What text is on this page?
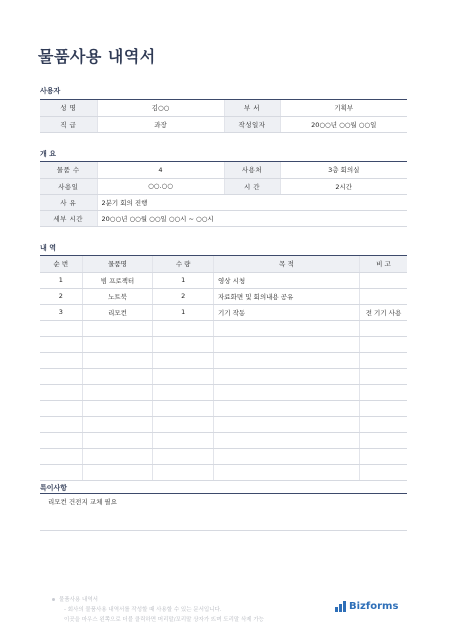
물품사용 내역서
사용자
성 명	김○○	부 서	기획부
직 급	과장	작성일자	20○○년 ○○월 ○○일
개 요
물품 수	4	사용처	3층 회의실
사용일	○○.○○	시 간	2시간
사 유	2분기 회의 진행		
세부 시간	20○○년 ○○월 ○○일 ○○시 ~ ○○시		
내 역
순 번	물품명	수 량	목 적	비 고
1	빔 프로젝터	1	영상 시청	
2	노트북	2	자료화면 및 회의내용 공유	
3	리모컨	1	기기 작동	전 기기 사용

특이사항
리모컨 건전지 교체 필요
물품사용 내역서
- 회사의 물품사용 내역서를 작성할 때 사용할 수 있는 문서입니다.
이곳을 마우스 왼쪽으로 더블 클릭하면 머리말/꼬리말 상자가 뜨며 도리말 삭제 가능
Bizforms
